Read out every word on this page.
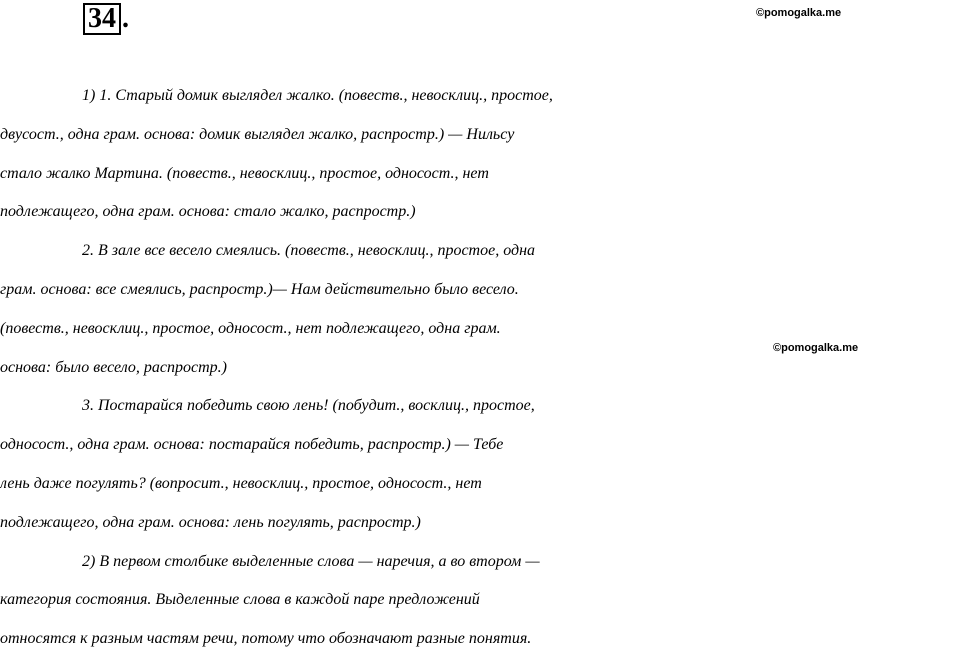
34 .	©pomogalka.me
©pomogalka.me
1) 1. Старый домик выглядел жалко. (повеств., невосклиц., простое,
двусост., одна грам. основа: домик выглядел жалко, распростр.) — Нильсу
стало жалко Мартина. (повеств., невосклиц., простое, односост., нет
подлежащего, одна грам. основа: стало жалко, распростр.)
2. В зале все весело смеялись. (повеств., невосклиц., простое, одна
грам. основа: все смеялись, распростр.)— Нам действительно было весело.
(повеств., невосклиц., простое, односост., нет подлежащего, одна грам.
основа: было весело, распростр.)
3. Постарайся победить свою лень! (побудит., восклиц., простое,
односост., одна грам. основа: постарайся победить, распростр.) — Тебе
лень даже погулять? (вопросит., невосклиц., простое, односост., нет
подлежащего, одна грам. основа: лень погулять, распростр.)
2) В первом столбике выделенные слова — наречия, а во втором —
категория состояния. Выделенные слова в каждой паре предложений
относятся к разным частям речи, потому что обозначают разные понятия.
